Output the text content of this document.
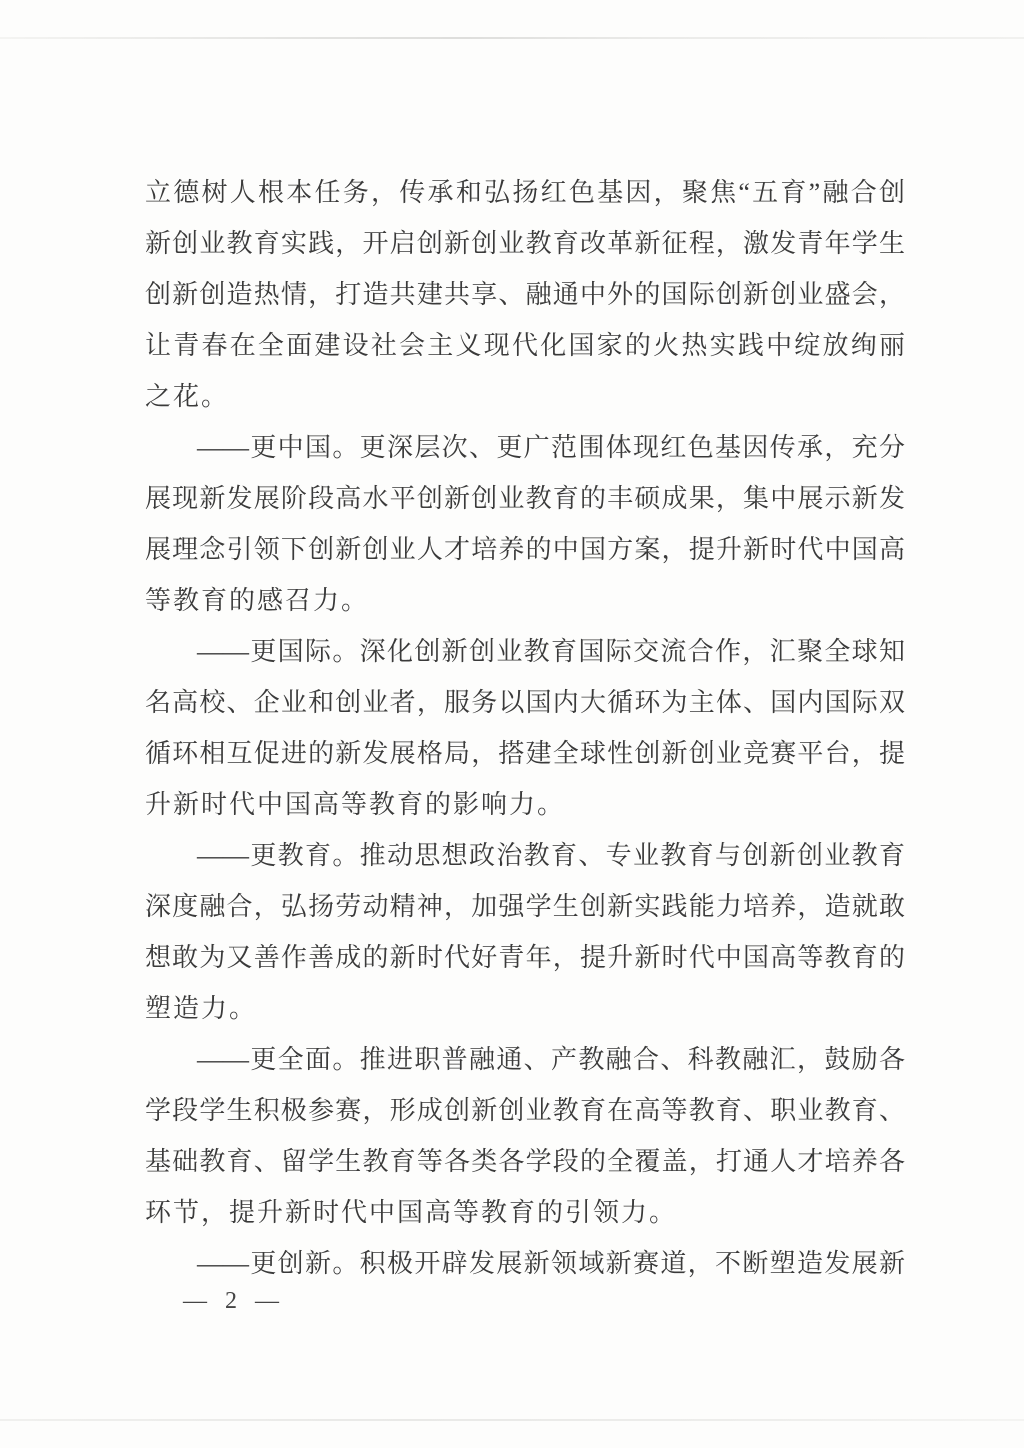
立德树人根本任务，传承和弘扬红色基因，聚焦“五育”融合创
新创业教育实践，开启创新创业教育改革新征程，激发青年学生
创新创造热情，打造共建共享、融通中外的国际创新创业盛会，
让青春在全面建设社会主义现代化国家的火热实践中绽放绚丽
之花。
——更中国。更深层次、更广范围体现红色基因传承，充分
展现新发展阶段高水平创新创业教育的丰硕成果，集中展示新发
展理念引领下创新创业人才培养的中国方案，提升新时代中国高
等教育的感召力。
——更国际。深化创新创业教育国际交流合作，汇聚全球知
名高校、企业和创业者，服务以国内大循环为主体、国内国际双
循环相互促进的新发展格局，搭建全球性创新创业竞赛平台，提
升新时代中国高等教育的影响力。
——更教育。推动思想政治教育、专业教育与创新创业教育
深度融合，弘扬劳动精神，加强学生创新实践能力培养，造就敢
想敢为又善作善成的新时代好青年，提升新时代中国高等教育的
塑造力。
——更全面。推进职普融通、产教融合、科教融汇，鼓励各
学段学生积极参赛，形成创新创业教育在高等教育、职业教育、
基础教育、留学生教育等各类各学段的全覆盖，打通人才培养各
环节，提升新时代中国高等教育的引领力。
——更创新。积极开辟发展新领域新赛道，不断塑造发展新
— 2 —
